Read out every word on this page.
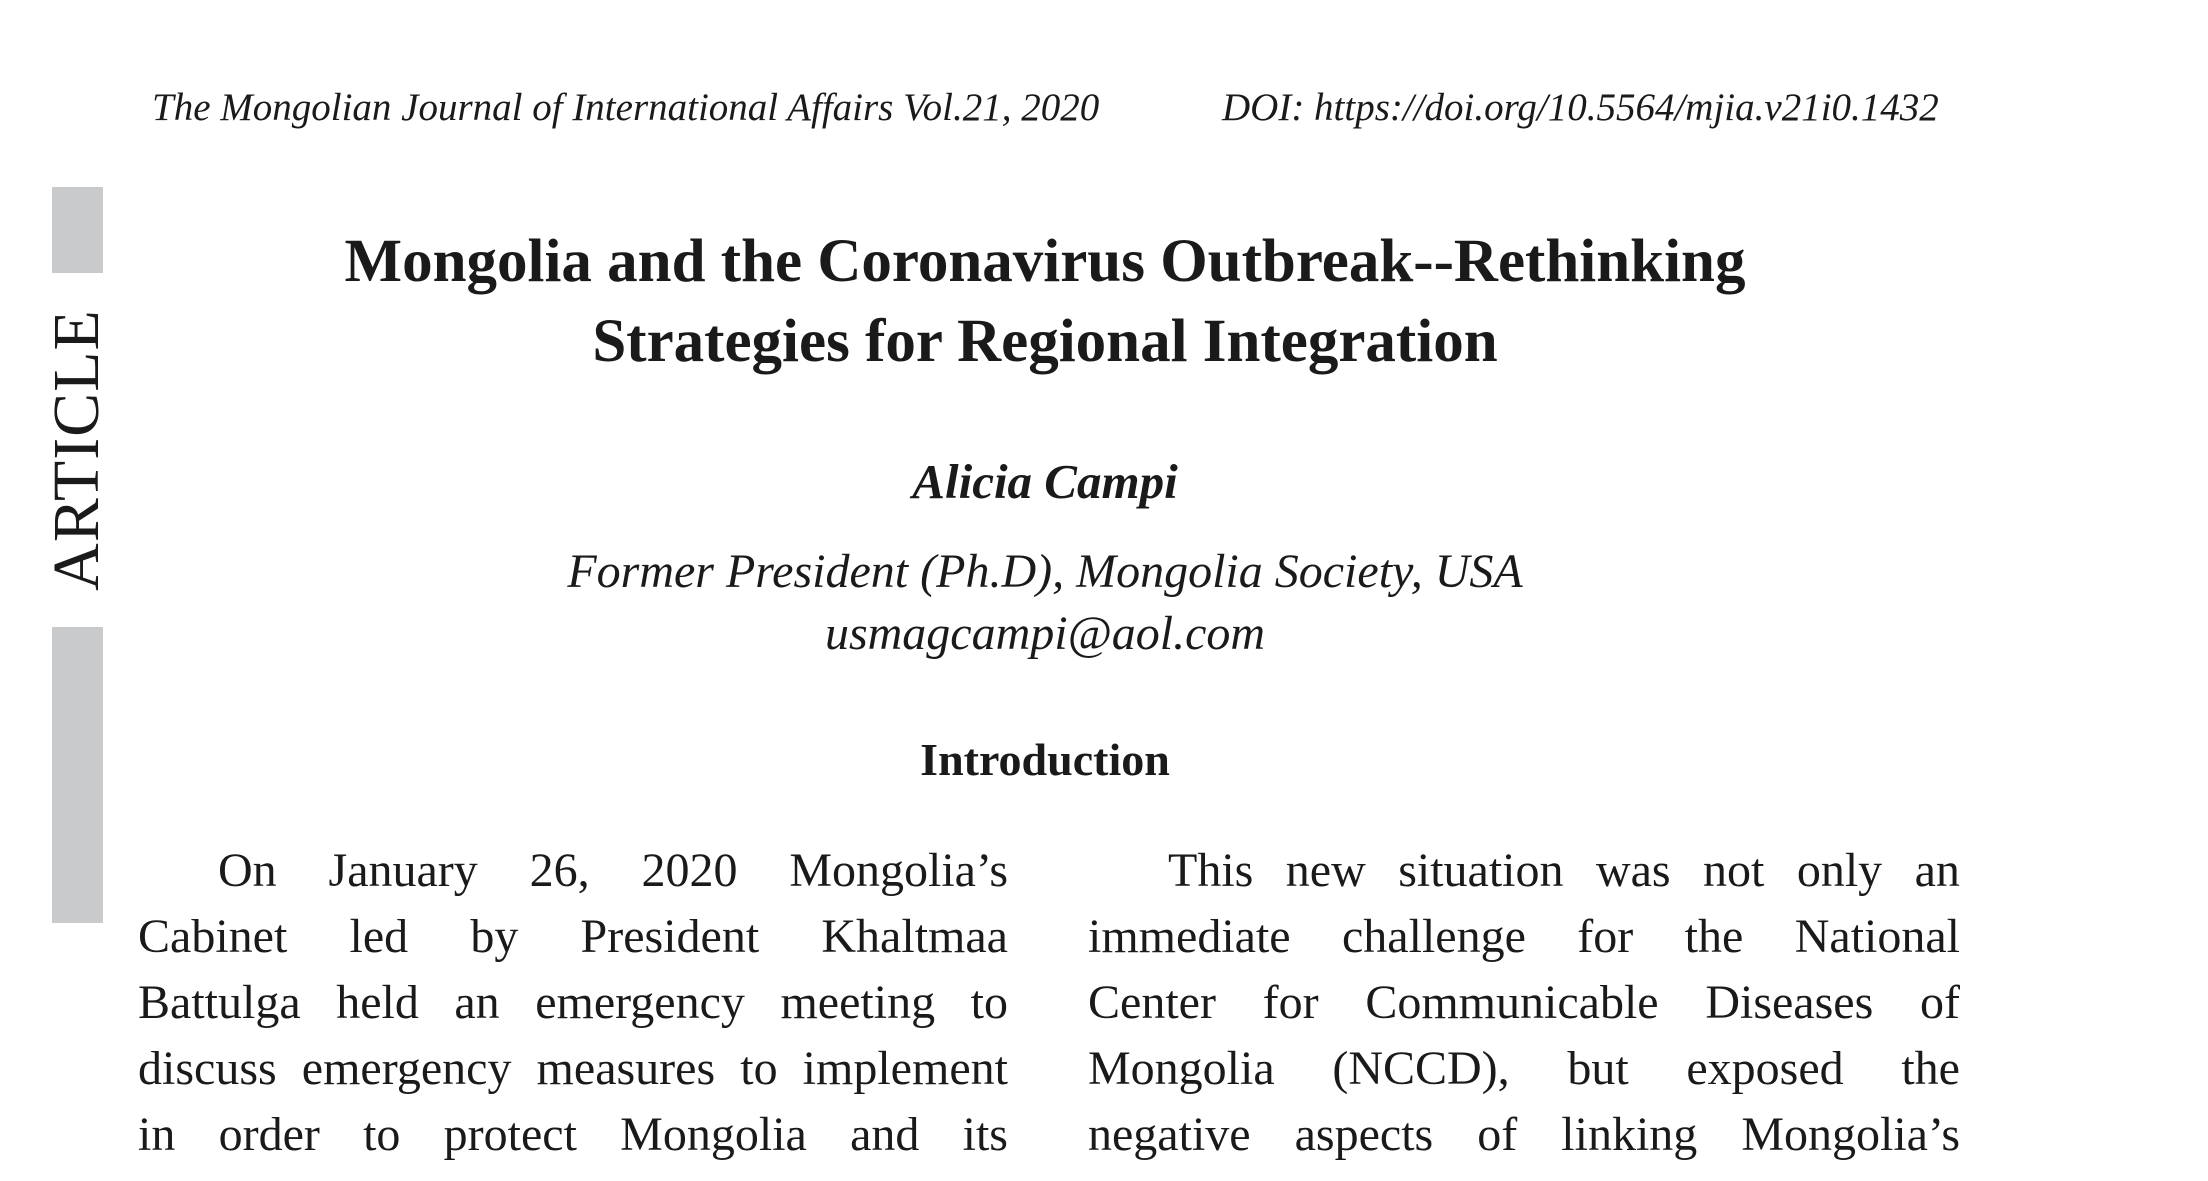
The Mongolian Journal of International Affairs Vol.21, 2020	DOI: https://doi.org/10.5564/mjia.v21i0.1432
ARTICLE
Mongolia and the Coronavirus Outbreak--Rethinking
Strategies for Regional Integration

Alicia Campi

Former President (Ph.D), Mongolia Society, USA
usmagcampi@aol.com

Introduction
On January 26, 2020 Mongolia’s
Cabinet led by President Khaltmaa
Battulga held an emergency meeting to
discuss emergency measures to implement
in order to protect Mongolia and its
This new situation was not only an
immediate challenge for the National
Center for Communicable Diseases of
Mongolia (NCCD), but exposed the
negative aspects of linking Mongolia’s
